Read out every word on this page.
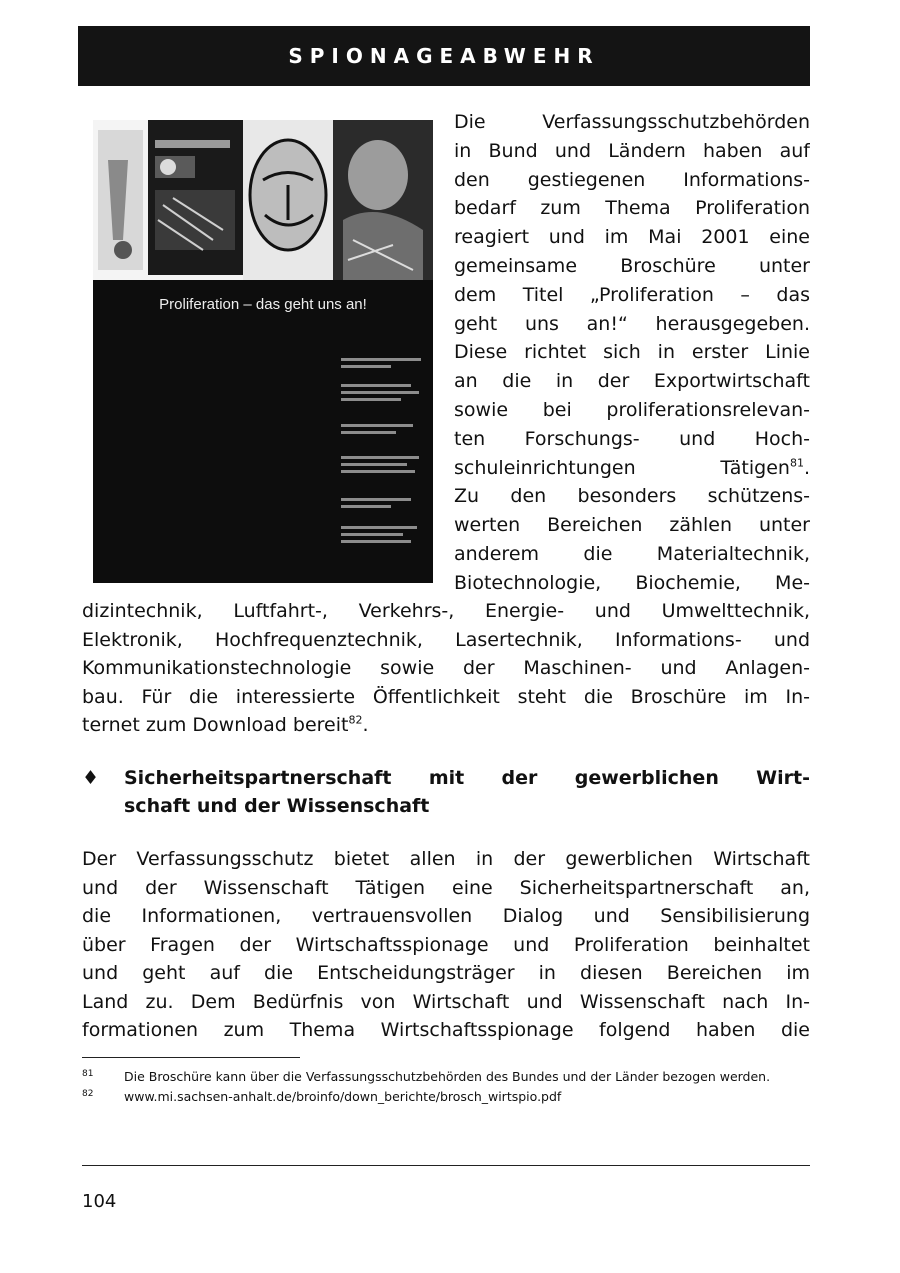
SPIONAGEABWEHR
Proliferation – das geht uns an!
Die Verfassungsschutzbehörden
in Bund und Ländern haben auf
den gestiegenen Informations-
bedarf zum Thema Proliferation
reagiert und im Mai 2001 eine
gemeinsame Broschüre unter
dem Titel „Proliferation – das
geht uns an!“ herausgegeben.
Diese richtet sich in erster Linie
an die in der Exportwirtschaft
sowie bei proliferationsrelevan-
ten Forschungs- und Hoch-
schuleinrichtungen Tätigen$^{81}$.
Zu den besonders schützens-
werten Bereichen zählen unter
anderem die Materialtechnik,
Biotechnologie, Biochemie, Me-
dizintechnik, Luftfahrt-, Verkehrs-, Energie- und Umwelttechnik,
Elektronik, Hochfrequenztechnik, Lasertechnik, Informations- und
Kommunikationstechnologie sowie der Maschinen- und Anlagen-
bau. Für die interessierte Öffentlichkeit steht die Broschüre im In-
ternet zum Download bereit$^{82}$.
♦ Sicherheitspartnerschaft mit der gewerblichen Wirt-
schaft und der Wissenschaft
Der Verfassungsschutz bietet allen in der gewerblichen Wirtschaft
und der Wissenschaft Tätigen eine Sicherheitspartnerschaft an,
die Informationen, vertrauensvollen Dialog und Sensibilisierung
über Fragen der Wirtschaftsspionage und Proliferation beinhaltet
und geht auf die Entscheidungsträger in diesen Bereichen im
Land zu. Dem Bedürfnis von Wirtschaft und Wissenschaft nach In-
formationen zum Thema Wirtschaftsspionage folgend haben die
81 Die Broschüre kann über die Verfassungsschutzbehörden des Bundes und der Länder bezogen werden.
82 www.mi.sachsen-anhalt.de/broinfo/down_berichte/brosch_wirtspio.pdf
104
